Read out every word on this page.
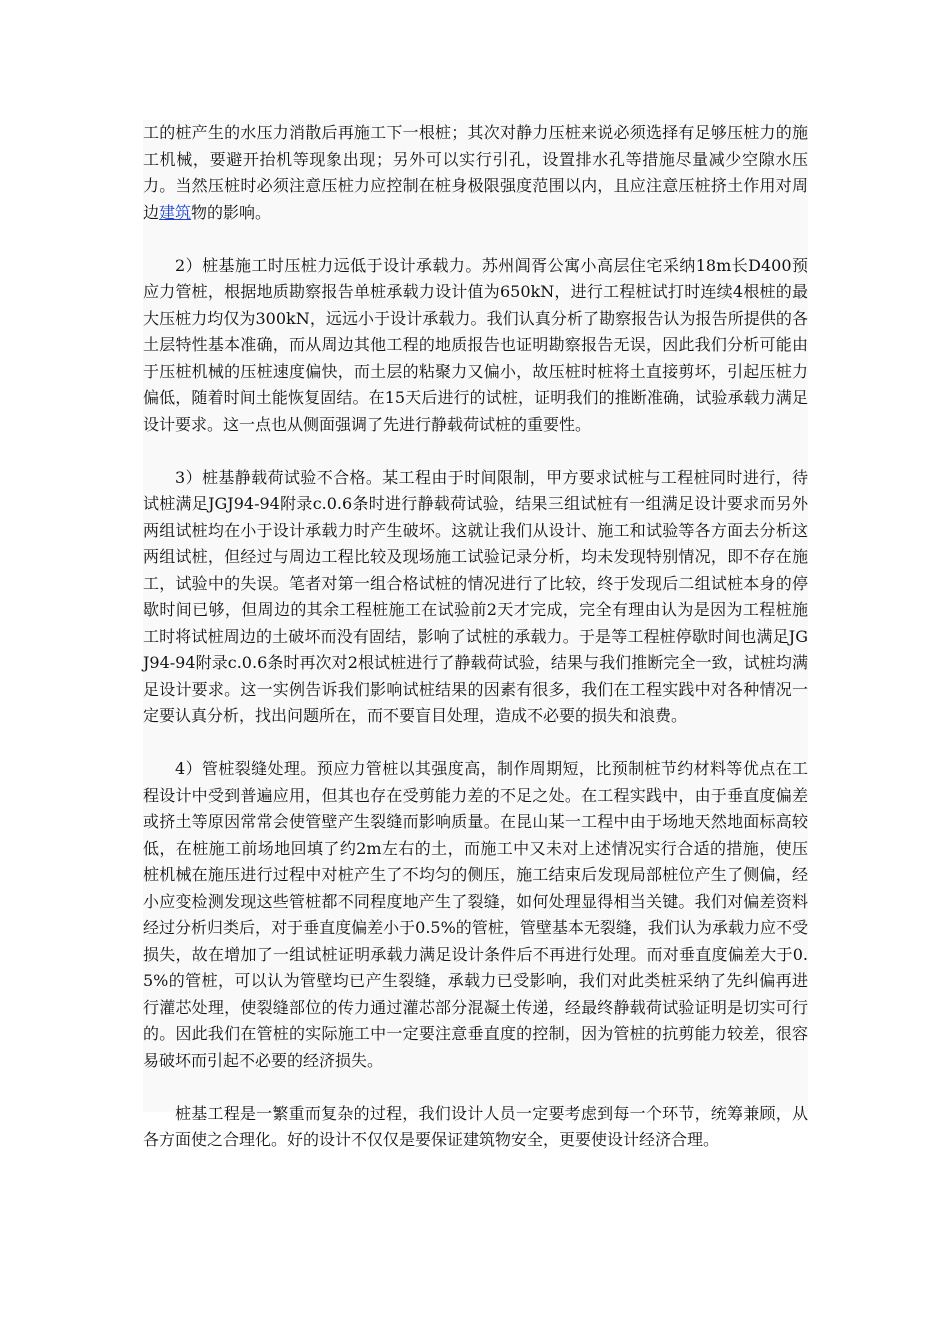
工的桩产生的水压力消散后再施工下一根桩；其次对静力压桩来说必须选择有足够压桩力的施工机械，要避开抬机等现象出现；另外可以实行引孔，设置排水孔等措施尽量减少空隙水压力。当然压桩时必须注意压桩力应控制在桩身极限强度范围以内，且应注意压桩挤土作用对周边建筑物的影响。

2）桩基施工时压桩力远低于设计承载力。苏州阊胥公寓小高层住宅采纳18m长D400预应力管桩，根据地质勘察报告单桩承载力设计值为650kN，进行工程桩试打时连续4根桩的最大压桩力均仅为300kN，远远小于设计承载力。我们认真分析了勘察报告认为报告所提供的各土层特性基本准确，而从周边其他工程的地质报告也证明勘察报告无误，因此我们分析可能由于压桩机械的压桩速度偏快，而土层的粘聚力又偏小，故压桩时桩将土直接剪坏，引起压桩力偏低，随着时间土能恢复固结。在15天后进行的试桩，证明我们的推断准确，试验承载力满足设计要求。这一点也从侧面强调了先进行静载荷试桩的重要性。

3）桩基静载荷试验不合格。某工程由于时间限制，甲方要求试桩与工程桩同时进行，待试桩满足JGJ94-94附录c.0.6条时进行静载荷试验，结果三组试桩有一组满足设计要求而另外两组试桩均在小于设计承载力时产生破坏。这就让我们从设计、施工和试验等各方面去分析这两组试桩，但经过与周边工程比较及现场施工试验记录分析，均未发现特别情况，即不存在施工，试验中的失误。笔者对第一组合格试桩的情况进行了比较，终于发现后二组试桩本身的停歇时间已够，但周边的其余工程桩施工在试验前2天才完成，完全有理由认为是因为工程桩施工时将试桩周边的土破坏而没有固结，影响了试桩的承载力。于是等工程桩停歇时间也满足JGJ94-94附录c.0.6条时再次对2根试桩进行了静载荷试验，结果与我们推断完全一致，试桩均满足设计要求。这一实例告诉我们影响试桩结果的因素有很多，我们在工程实践中对各种情况一定要认真分析，找出问题所在，而不要盲目处理，造成不必要的损失和浪费。

4）管桩裂缝处理。预应力管桩以其强度高，制作周期短，比预制桩节约材料等优点在工程设计中受到普遍应用，但其也存在受剪能力差的不足之处。在工程实践中，由于垂直度偏差或挤土等原因常常会使管壁产生裂缝而影响质量。在昆山某一工程中由于场地天然地面标高较低，在桩施工前场地回填了约2m左右的土，而施工中又未对上述情况实行合适的措施，使压桩机械在施压进行过程中对桩产生了不均匀的侧压，施工结束后发现局部桩位产生了侧偏，经小应变检测发现这些管桩都不同程度地产生了裂缝，如何处理显得相当关键。我们对偏差资料经过分析归类后，对于垂直度偏差小于0.5%的管桩，管壁基本无裂缝，我们认为承载力应不受损失，故在增加了一组试桩证明承载力满足设计条件后不再进行处理。而对垂直度偏差大于0.5%的管桩，可以认为管壁均已产生裂缝，承载力已受影响，我们对此类桩采纳了先纠偏再进行灌芯处理，使裂缝部位的传力通过灌芯部分混凝土传递，经最终静载荷试验证明是切实可行的。因此我们在管桩的实际施工中一定要注意垂直度的控制，因为管桩的抗剪能力较差，很容易破坏而引起不必要的经济损失。

桩基工程是一繁重而复杂的过程，我们设计人员一定要考虑到每一个环节，统筹兼顾，从各方面使之合理化。好的设计不仅仅是要保证建筑物安全，更要使设计经济合理。
